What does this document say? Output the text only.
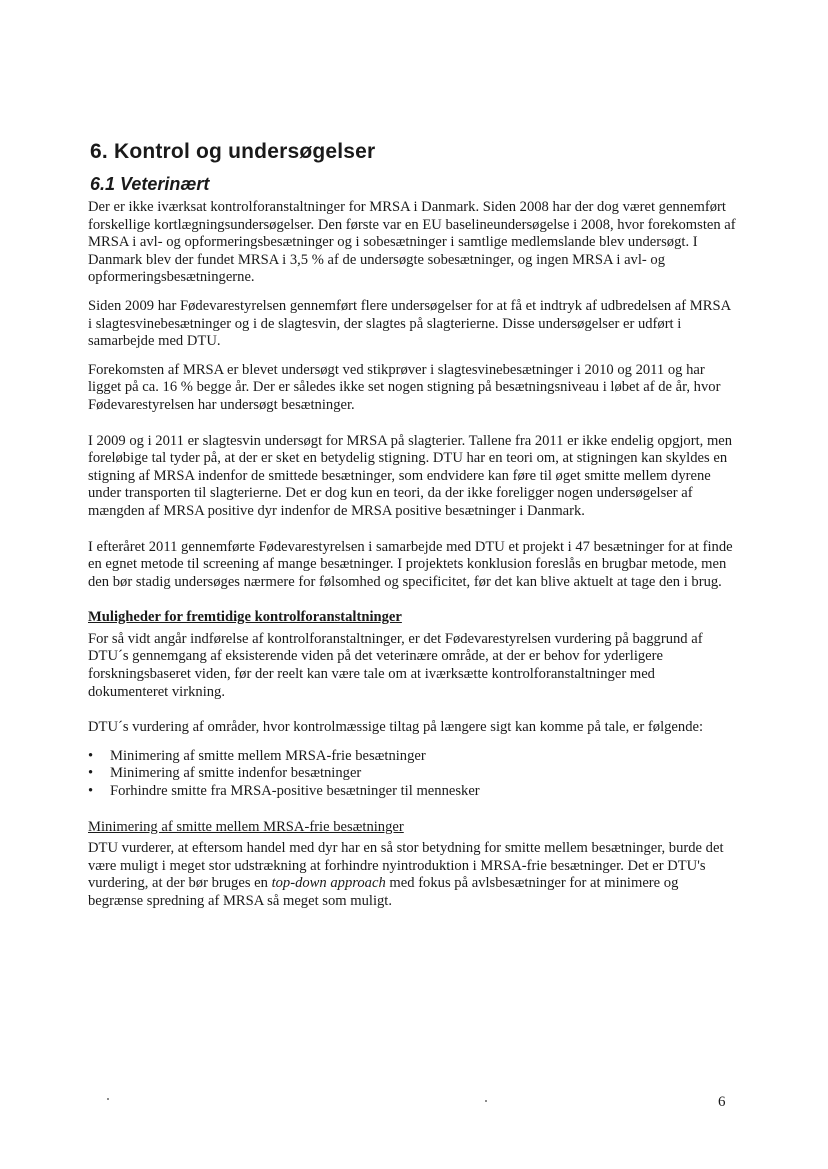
6. Kontrol og undersøgelser
6.1 Veterinært

Der er ikke iværksat kontrolforanstaltninger for MRSA i Danmark. Siden 2008 har der dog været gennemført forskellige kortlægningsundersøgelser. Den første var en EU baselineundersøgelse i 2008, hvor forekomsten af MRSA i avl- og opformeringsbesætninger og i sobesætninger i samtlige medlemslande blev undersøgt. I Danmark blev der fundet MRSA i 3,5 % af de undersøgte sobesætninger, og ingen MRSA i avl- og opformeringsbesætningerne.

Siden 2009 har Fødevarestyrelsen gennemført flere undersøgelser for at få et indtryk af udbredelsen af MRSA i slagtesvinebesætninger og i de slagtesvin, der slagtes på slagterierne. Disse undersøgelser er udført i samarbejde med DTU.

Forekomsten af MRSA er blevet undersøgt ved stikprøver i slagtesvinebesætninger i 2010 og 2011 og har ligget på ca. 16 % begge år. Der er således ikke set nogen stigning på besætningsniveau i løbet af de år, hvor Fødevarestyrelsen har undersøgt besætninger.

I 2009 og i 2011 er slagtesvin undersøgt for MRSA på slagterier. Tallene fra 2011 er ikke endelig opgjort, men foreløbige tal tyder på, at der er sket en betydelig stigning. DTU har en teori om, at stigningen kan skyldes en stigning af MRSA indenfor de smittede besætninger, som endvidere kan føre til øget smitte mellem dyrene under transporten til slagterierne. Det er dog kun en teori, da der ikke foreligger nogen undersøgelser af mængden af MRSA positive dyr indenfor de MRSA positive besætninger i Danmark.

I efteråret 2011 gennemførte Fødevarestyrelsen i samarbejde med DTU et projekt i 47 besætninger for at finde en egnet metode til screening af mange besætninger. I projektets konklusion foreslås en brugbar metode, men den bør stadig undersøges nærmere for følsomhed og specificitet, før det kan blive aktuelt at tage den i brug.

Muligheder for fremtidige kontrolforanstaltninger

For så vidt angår indførelse af kontrolforanstaltninger, er det Fødevarestyrelsen vurdering på baggrund af DTU´s gennemgang af eksisterende viden på det veterinære område, at der er behov for yderligere forskningsbaseret viden, før der reelt kan være tale om at iværksætte kontrolforanstaltninger med dokumenteret virkning.

DTU´s vurdering af områder, hvor kontrolmæssige tiltag på længere sigt kan komme på tale, er følgende:

• Minimering af smitte mellem MRSA-frie besætninger
• Minimering af smitte indenfor besætninger
• Forhindre smitte fra MRSA-positive besætninger til mennesker
Minimering af smitte mellem MRSA-frie besætninger

DTU vurderer, at eftersom handel med dyr har en så stor betydning for smitte mellem besætninger, burde det være muligt i meget stor udstrækning at forhindre nyintroduktion i MRSA-frie besætninger. Det er DTU's vurdering, at der bør bruges en top-down approach med fokus på avlsbesætninger for at minimere og begrænse spredning af MRSA så meget som muligt.

6
